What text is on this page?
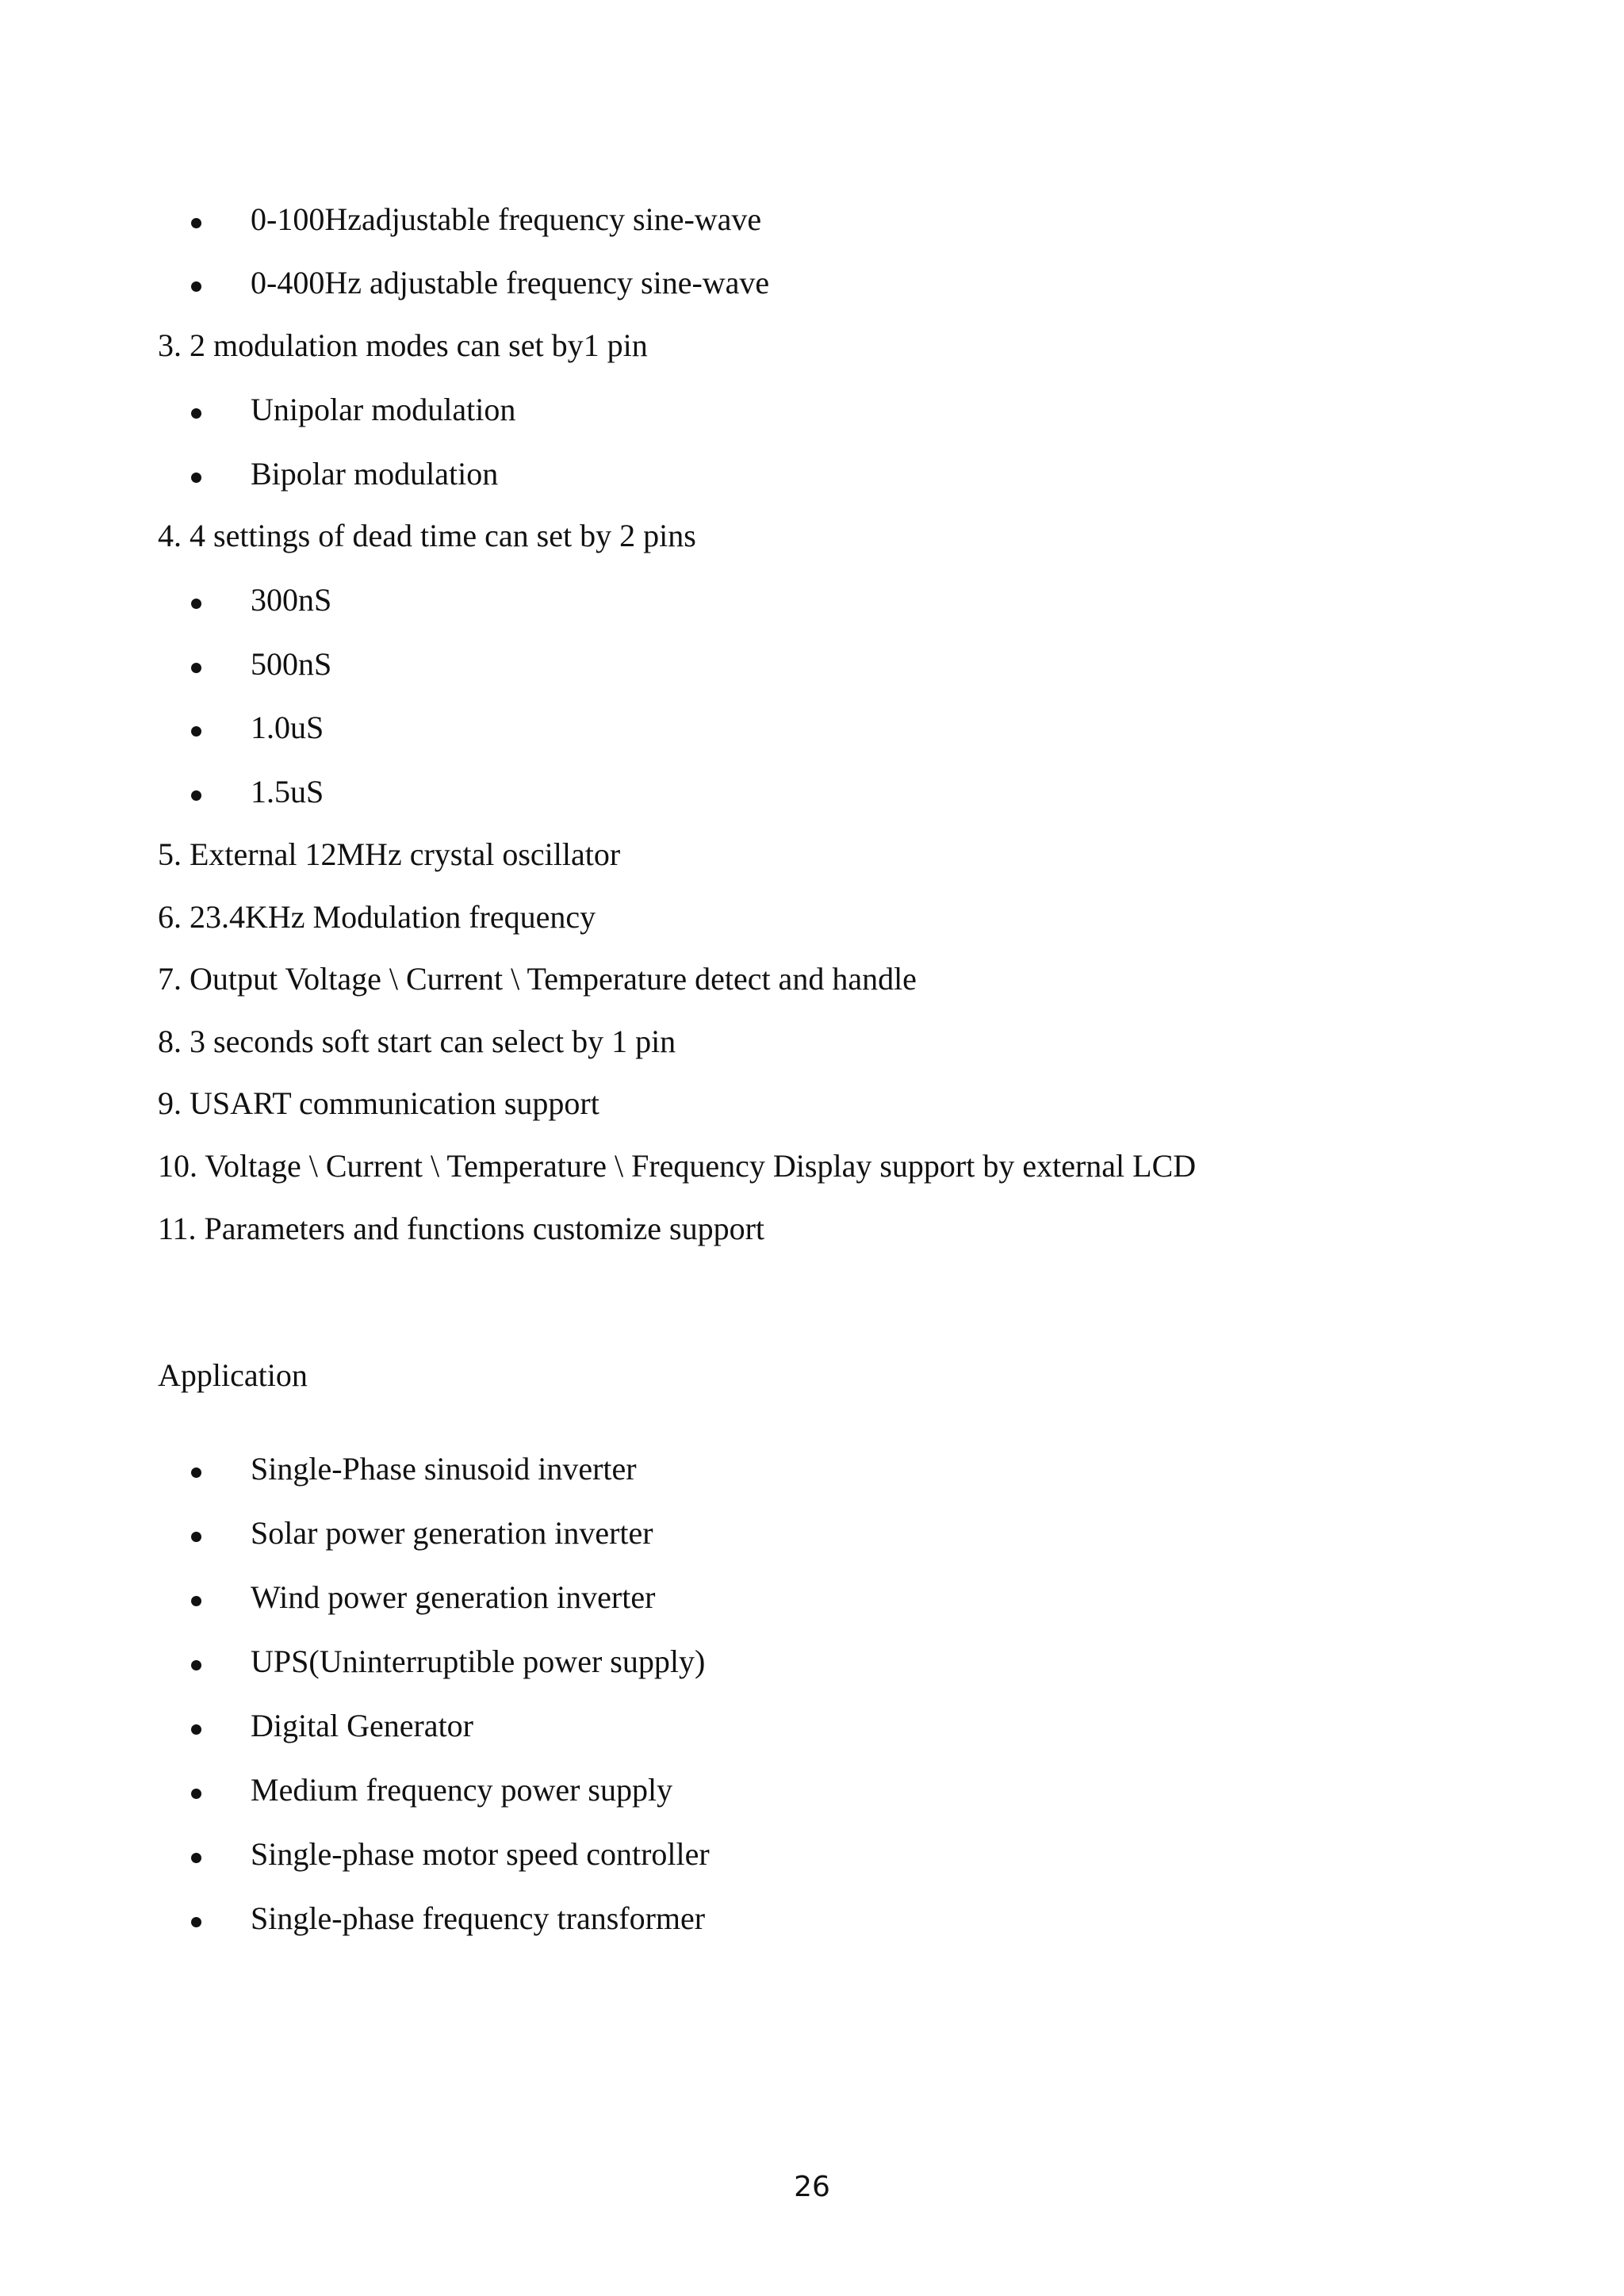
0-100Hzadjustable frequency sine-wave
0-400Hz adjustable frequency sine-wave
3. 2 modulation modes can set by1 pin
Unipolar modulation
Bipolar modulation
4. 4 settings of dead time can set by 2 pins
300nS
500nS
1.0uS
1.5uS
5. External 12MHz crystal oscillator
6. 23.4KHz Modulation frequency
7. Output Voltage \ Current \ Temperature detect and handle
8. 3 seconds soft start can select by 1 pin
9. USART communication support
10. Voltage \ Current \ Temperature \ Frequency Display support by external LCD
11. Parameters and functions customize support
Application
Single-Phase sinusoid inverter
Solar power generation inverter
Wind power generation inverter
UPS(Uninterruptible power supply)
Digital Generator
Medium frequency power supply
Single-phase motor speed controller
Single-phase frequency transformer
26
